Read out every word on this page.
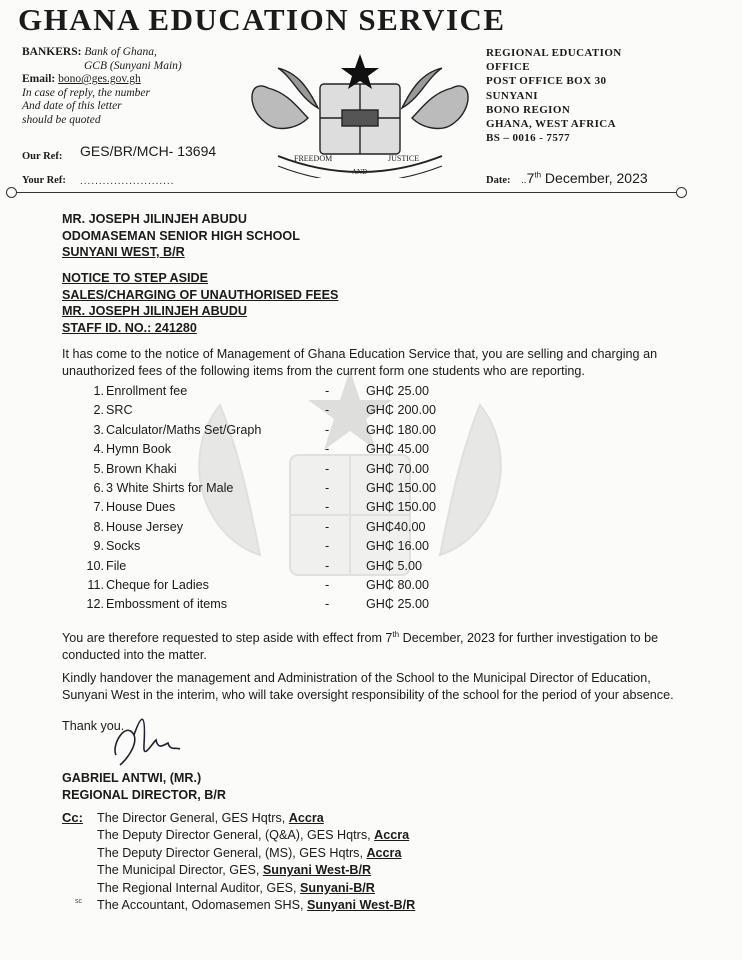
GHANA EDUCATION SERVICE
BANKERS: Bank of Ghana,
GCB (Sunyani Main)
Email: bono@ges.gov.gh
In case of reply, the number
And date of this letter
should be quoted
REGIONAL EDUCATION
OFFICE
POST OFFICE BOX 30
SUNYANI
BONO REGION
GHANA, WEST AFRICA
BS – 0016 - 7577
FREEDOM
AND
JUSTICE
Our Ref: GES/BR/MCH- 13694
Your Ref: .........................	Date: ..7th December, 2023
MR. JOSEPH JILINJEH ABUDU
ODOMASEMAN SENIOR HIGH SCHOOL
SUNYANI WEST, B/R
NOTICE TO STEP ASIDE
SALES/CHARGING OF UNAUTHORISED FEES
MR. JOSEPH JILINJEH ABUDU
STAFF ID. NO.: 241280
It has come to the notice of Management of Ghana Education Service that, you are selling and charging an unauthorized fees of the following items from the current form one students who are reporting.
1. Enrollment fee	-	GH₵ 25.00
2. SRC	-	GH₵ 200.00
3. Calculator/Maths Set/Graph	-	GH₵ 180.00
4. Hymn Book	-	GH₵ 45.00
5. Brown Khaki	-	GH₵ 70.00
6. 3 White Shirts for Male	-	GH₵ 150.00
7. House Dues	-	GH₵ 150.00
8. House Jersey	-	GH₵40.00
9. Socks	-	GH₵ 16.00
10. File	-	GH₵ 5.00
11. Cheque for Ladies	-	GH₵ 80.00
12. Embossment of items	-	GH₵ 25.00
You are therefore requested to step aside with effect from 7th December, 2023 for further investigation to be conducted into the matter.
Kindly handover the management and Administration of the School to the Municipal Director of Education, Sunyani West in the interim, who will take oversight responsibility of the school for the period of your absence.
Thank you.
GABRIEL ANTWI, (MR.)
REGIONAL DIRECTOR, B/R
Cc: The Director General, GES Hqtrs, Accra
The Deputy Director General, (Q&A), GES Hqtrs, Accra
The Deputy Director General, (MS), GES Hqtrs, Accra
The Municipal Director, GES, Sunyani West-B/R
The Regional Internal Auditor, GES, Sunyani-B/R
The Accountant, Odomasemen SHS, Sunyani West-B/R
sc
